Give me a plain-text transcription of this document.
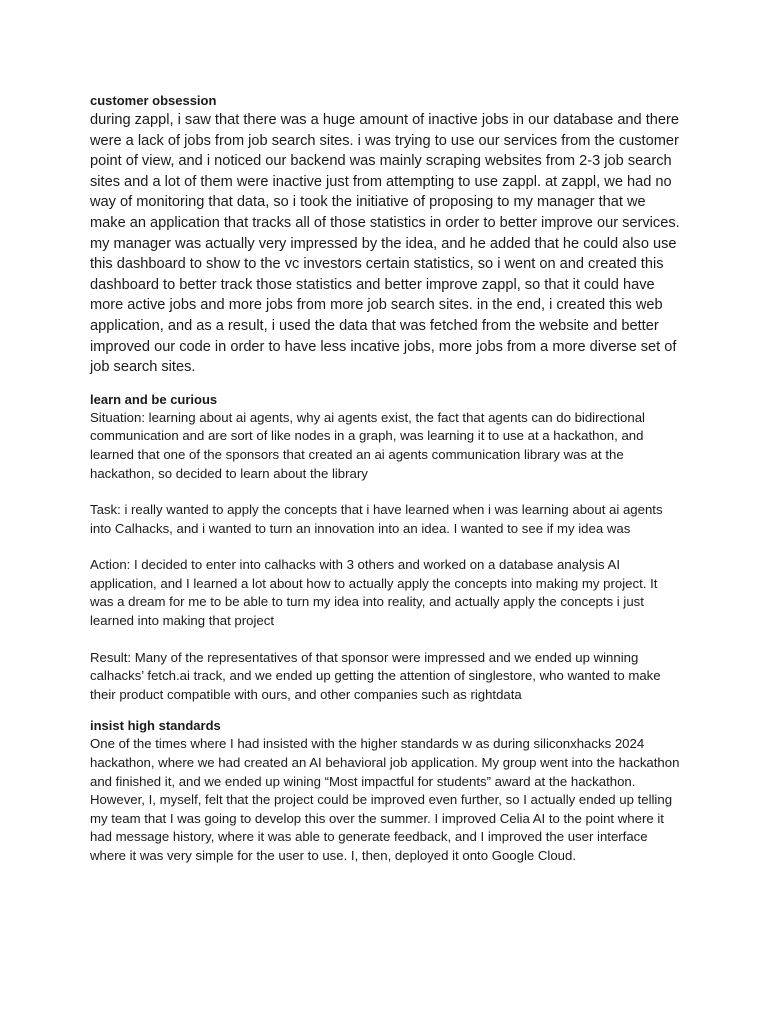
customer obsession

during zappl, i saw that there was a huge amount of inactive jobs in our database and there were a lack of jobs from job search sites. i was trying to use our services from the customer point of view, and i noticed our backend was mainly scraping websites from 2-3 job search sites and a lot of them were inactive just from attempting to use zappl. at zappl, we had no way of monitoring that data, so i took the initiative of proposing to my manager that we make an application that tracks all of those statistics in order to better improve our services. my manager was actually very impressed by the idea, and he added that he could also use this dashboard to show to the vc investors certain statistics, so i went on and created this dashboard to better track those statistics and better improve zappl, so that it could have more active jobs and more jobs from more job search sites. in the end, i created this web application, and as a result, i used the data that was fetched from the website and better improved our code in order to have less incative jobs, more jobs from a more diverse set of job search sites.

learn and be curious

Situation: learning about ai agents, why ai agents exist, the fact that agents can do bidirectional communication and are sort of like nodes in a graph, was learning it to use at a hackathon, and learned that one of the sponsors that created an ai agents communication library was at the hackathon, so decided to learn about the library

Task: i really wanted to apply the concepts that i have learned when i was learning about ai agents into Calhacks, and i wanted to turn an innovation into an idea. I wanted to see if my idea was

Action: I decided to enter into calhacks with 3 others and worked on a database analysis AI application, and I learned a lot about how to actually apply the concepts into making my project. It was a dream for me to be able to turn my idea into reality, and actually apply the concepts i just learned into making that project

Result: Many of the representatives of that sponsor were impressed and we ended up winning calhacks’ fetch.ai track, and we ended up getting the attention of singlestore, who wanted to make their product compatible with ours, and other companies such as rightdata

insist high standards

One of the times where I had insisted with the higher standards w as during siliconxhacks 2024 hackathon, where we had created an AI behavioral job application. My group went into the hackathon and finished it, and we ended up wining “Most impactful for students” award at the hackathon. However, I, myself, felt that the project could be improved even further, so I actually ended up telling my team that I was going to develop this over the summer. I improved Celia AI to the point where it had message history, where it was able to generate feedback, and I improved the user interface where it was very simple for the user to use. I, then, deployed it onto Google Cloud.
